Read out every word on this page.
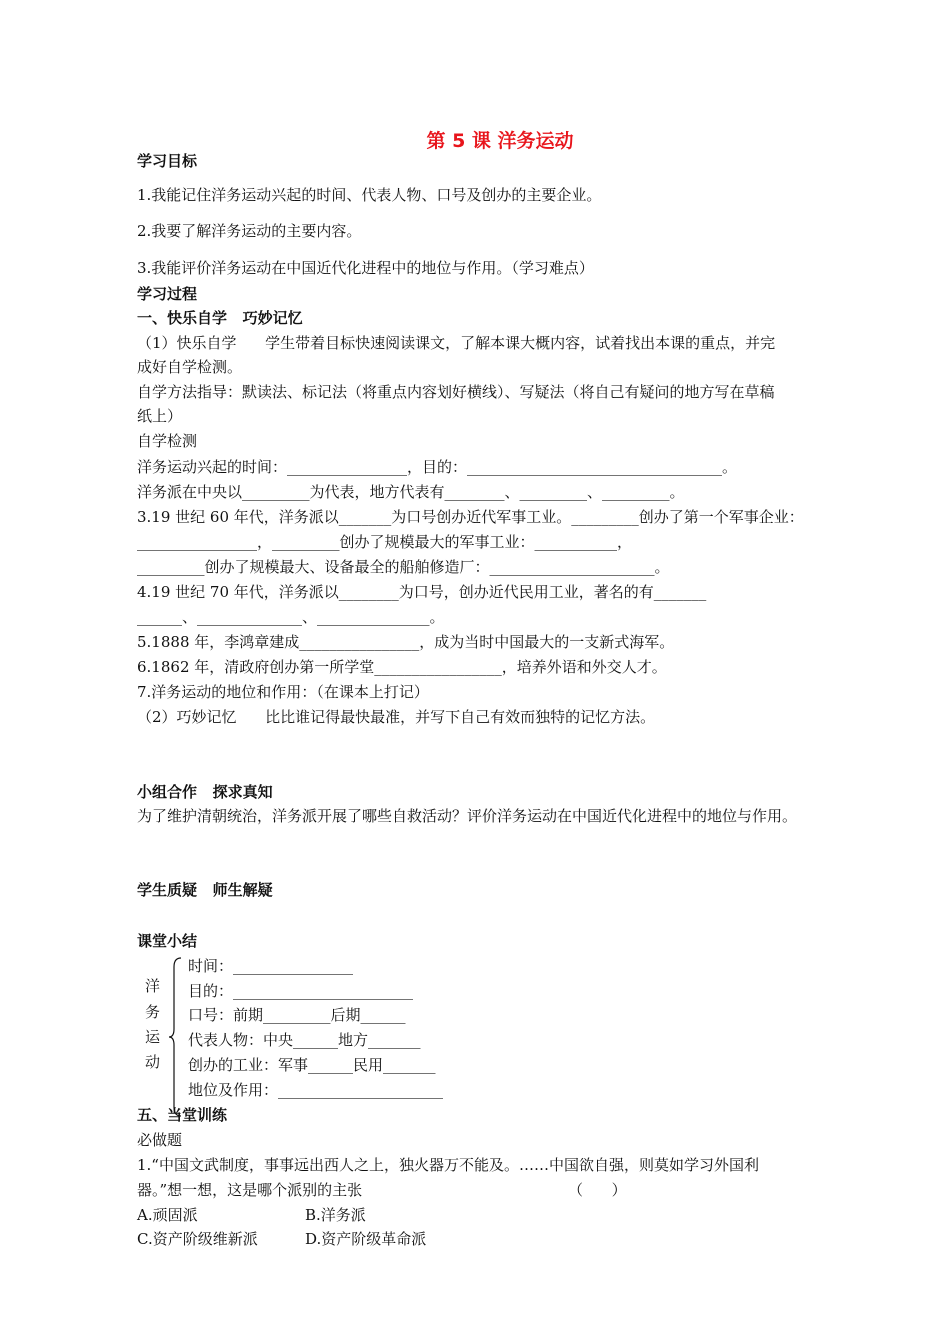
第 5 课 洋务运动
学习目标
1.我能记住洋务运动兴起的时间、代表人物、口号及创办的主要企业。
2.我要了解洋务运动的主要内容。
3.我能评价洋务运动在中国近代化进程中的地位与作用。（学习难点）
学习过程
一、快乐自学   巧妙记忆
（1）快乐自学      学生带着目标快速阅读课文，了解本课大概内容，试着找出本课的重点，并完
成好自学检测。
自学方法指导：默读法、标记法（将重点内容划好横线）、写疑法（将自己有疑问的地方写在草稿
纸上）
自学检测
洋务运动兴起的时间：________________，目的：__________________________________。
洋务派在中央以_________为代表，地方代表有________、_________、_________。
3.19 世纪 60 年代，洋务派以_______为口号创办近代军事工业。_________创办了第一个军事企业：
________________，_________创办了规模最大的军事工业：___________，
_________创办了规模最大、设备最全的船舶修造厂：______________________。
4.19 世纪 70 年代，洋务派以________为口号，创办近代民用工业，著名的有_______
______、______________、_______________。
5.1888 年，李鸿章建成________________，成为当时中国最大的一支新式海军。
6.1862 年，清政府创办第一所学堂_________________，培养外语和外交人才。
7.洋务运动的地位和作用：（在课本上打记）
（2）巧妙记忆      比比谁记得最快最准，并写下自己有效而独特的记忆方法。
小组合作   探求真知
为了维护清朝统治，洋务派开展了哪些自救活动？评价洋务运动在中国近代化进程中的地位与作用。
学生质疑   师生解疑
课堂小结
洋
务
运
动
时间：________________
目的：________________________
口号：前期_________后期______
代表人物：中央______地方_______
创办的工业：军事______民用_______
地位及作用：______________________
五、当堂训练
必做题
1.“中国文武制度，事事远出西人之上，独火器万不能及。……中国欲自强，则莫如学习外国利
器。”想一想，这是哪个派别的主张	（      ）
A.顽固派	B.洋务派
C.资产阶级维新派	D.资产阶级革命派
